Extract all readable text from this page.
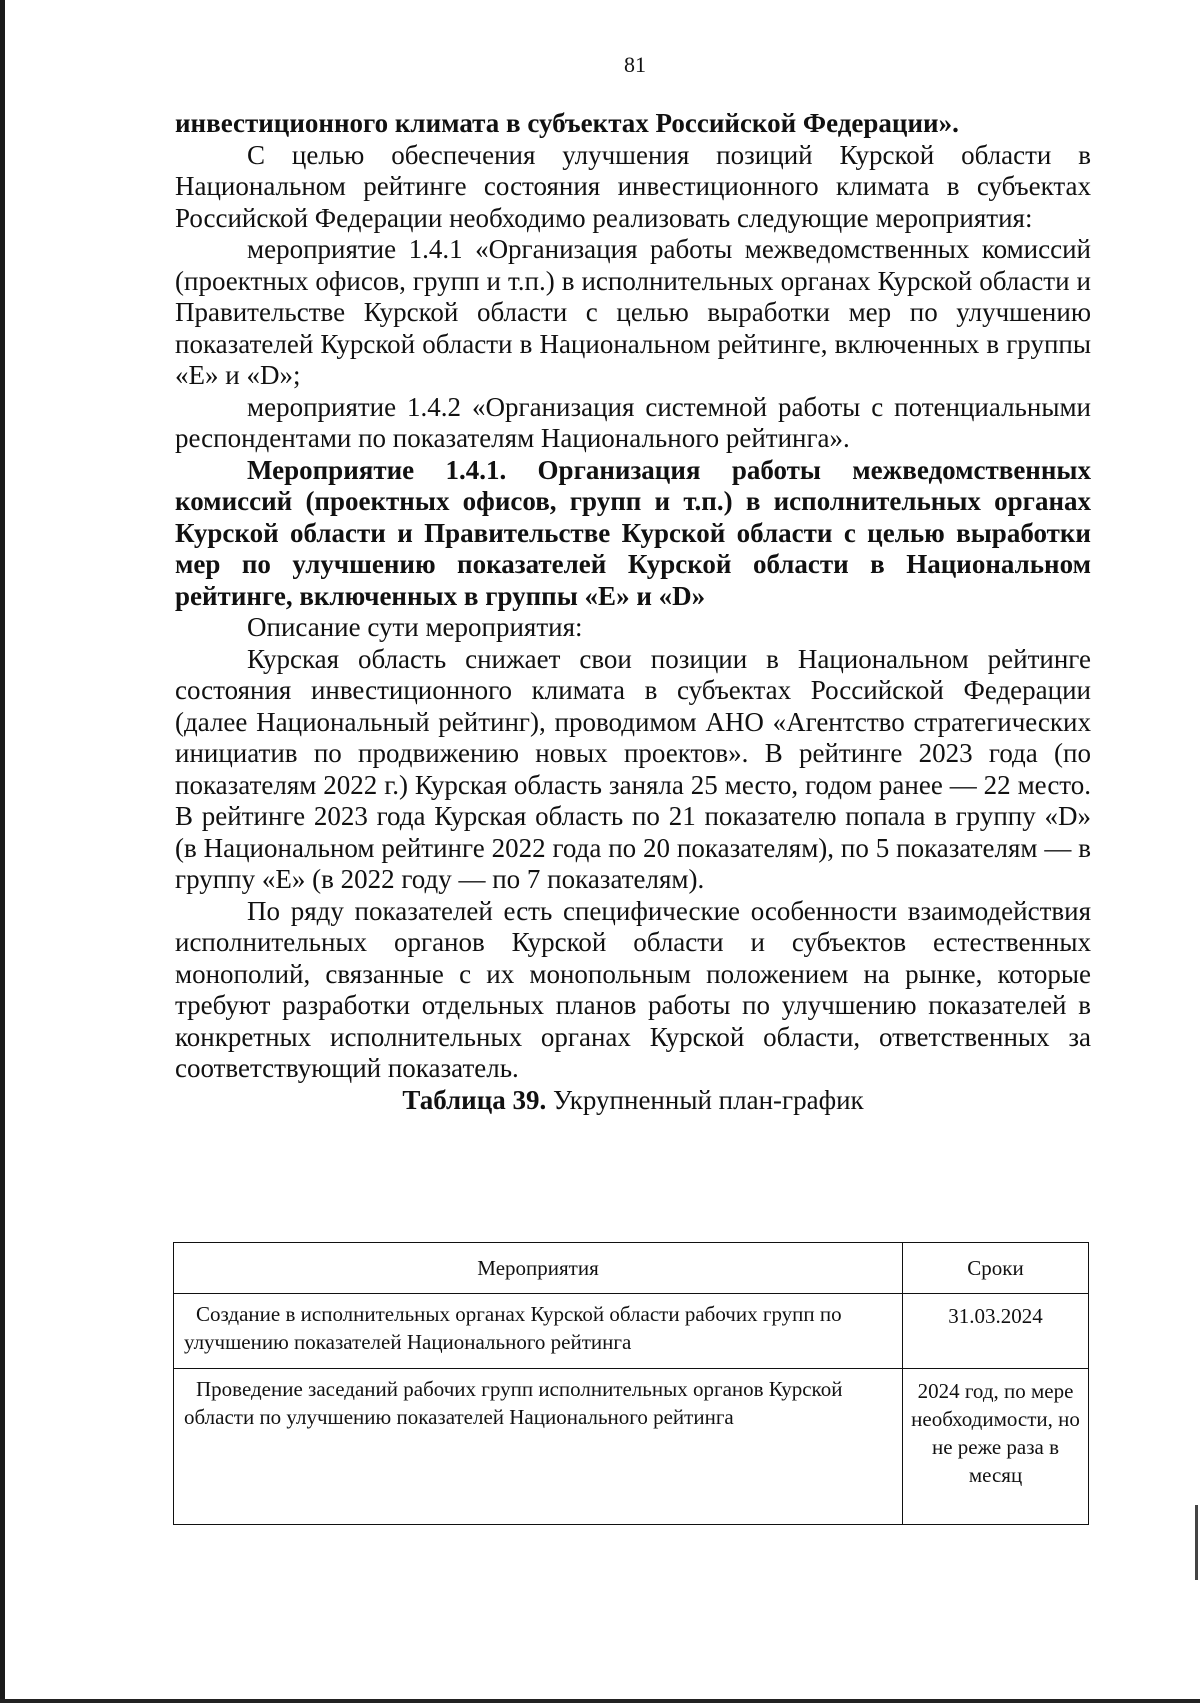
81

инвестиционного климата в субъектах Российской Федерации».

С целью обеспечения улучшения позиций Курской области в Национальном рейтинге состояния инвестиционного климата в субъектах Российской Федерации необходимо реализовать следующие мероприятия:

мероприятие 1.4.1 «Организация работы межведомственных комиссий (проектных офисов, групп и т.п.) в исполнительных органах Курской области и Правительстве Курской области с целью выработки мер по улучшению показателей Курской области в Национальном рейтинге, включенных в группы «E» и «D»;

мероприятие 1.4.2 «Организация системной работы с потенциальными респондентами по показателям Национального рейтинга».

Мероприятие 1.4.1. Организация работы межведомственных комиссий (проектных офисов, групп и т.п.) в исполнительных органах Курской области и Правительстве Курской области с целью выработки мер по улучшению показателей Курской области в Национальном рейтинге, включенных в группы «E» и «D»

Описание сути мероприятия:

Курская область снижает свои позиции в Национальном рейтинге состояния инвестиционного климата в субъектах Российской Федерации (далее Национальный рейтинг), проводимом АНО «Агентство стратегических инициатив по продвижению новых проектов». В рейтинге 2023 года (по показателям 2022 г.) Курская область заняла 25 место, годом ранее — 22 место. В рейтинге 2023 года Курская область по 21 показателю попала в группу «D» (в Национальном рейтинге 2022 года по 20 показателям), по 5 показателям — в группу «E» (в 2022 году — по 7 показателям).

По ряду показателей есть специфические особенности взаимодействия исполнительных органов Курской области и субъектов естественных монополий, связанные с их монопольным положением на рынке, которые требуют разработки отдельных планов работы по улучшению показателей в конкретных исполнительных органах Курской области, ответственных за соответствующий показатель.

Таблица 39. Укрупненный план-график

Мероприятия	Сроки
Создание в исполнительных органах Курской области рабочих групп по улучшению показателей Национального рейтинга	31.03.2024
Проведение заседаний рабочих групп исполнительных органов Курской области по улучшению показателей Национального рейтинга	2024 год, по мере необходимости, но не реже раза в месяц
